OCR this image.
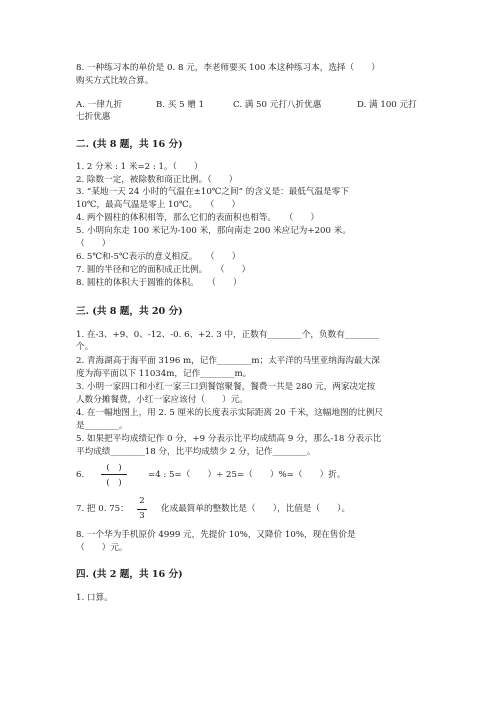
8. 一种练习本的单价是 0. 8 元，李老师要买 100 本这种练习本，选择（　　）
购买方式比较合算。
A. 一律九折	B. 买 5 赠 1	C. 满 50 元打八折优惠	D. 满 100 元打
七折优惠
二. (共 8 题，共 16 分)
1. 2 分米 : 1 米=2 : 1。（　　）
2. 除数一定，被除数和商正比例。（　　）
3. “某地一天 24 小时的气温在±10℃之间” 的含义是：最低气温是零下
10℃，最高气温是零上 10℃。　　（　　）
4. 两个圆柱的体积相等，那么它们的表面积也相等。　　（　　）
5. 小明向东走 100 米记为-100 米，那向南走 200 米应记为+200 米。
（　　）
6. 5℃和-5℃表示的意义相反。　　（　　）
7. 圆的半径和它的面积成正比例。　　（　　）
8. 圆柱的体积大于圆锥的体积。　　（　　）
三. (共 8 题，共 20 分)
1. 在-3、+9、0、-12、-0. 6、+2. 3 中，正数有________个，负数有________
个。
2. 青海湖高于海平面 3196 m，记作________m；太平洋的马里亚纳海沟最大深
度为海平面以下 11034m，记作________m。
3. 小明一家四口和小红一家三口到餐馆聚餐，餐费一共是 280 元，两家决定按
人数分摊餐费，小红一家应该付（　　）元。
4. 在一幅地图上，用 2. 5 厘米的长度表示实际距离 20 千米，这幅地图的比例尺
是________。
5. 如果把平均成绩记作 0 分，+9 分表示比平均成绩高 9 分，那么-18 分表示比
平均成绩________18 分，比平均成绩少 2 分，记作________。
6.
(　)
(　)
=4 : 5=（　　）÷ 25=（　　）%=（　　）折。
7. 把 0. 75：
2
3
化成最简单的整数比是（　　），比值是（　　）。
8. 一个华为手机原价 4999 元，先提价 10%，又降价 10%，现在售价是
（　　）元。
四. (共 2 题，共 16 分)
1. 口算。
